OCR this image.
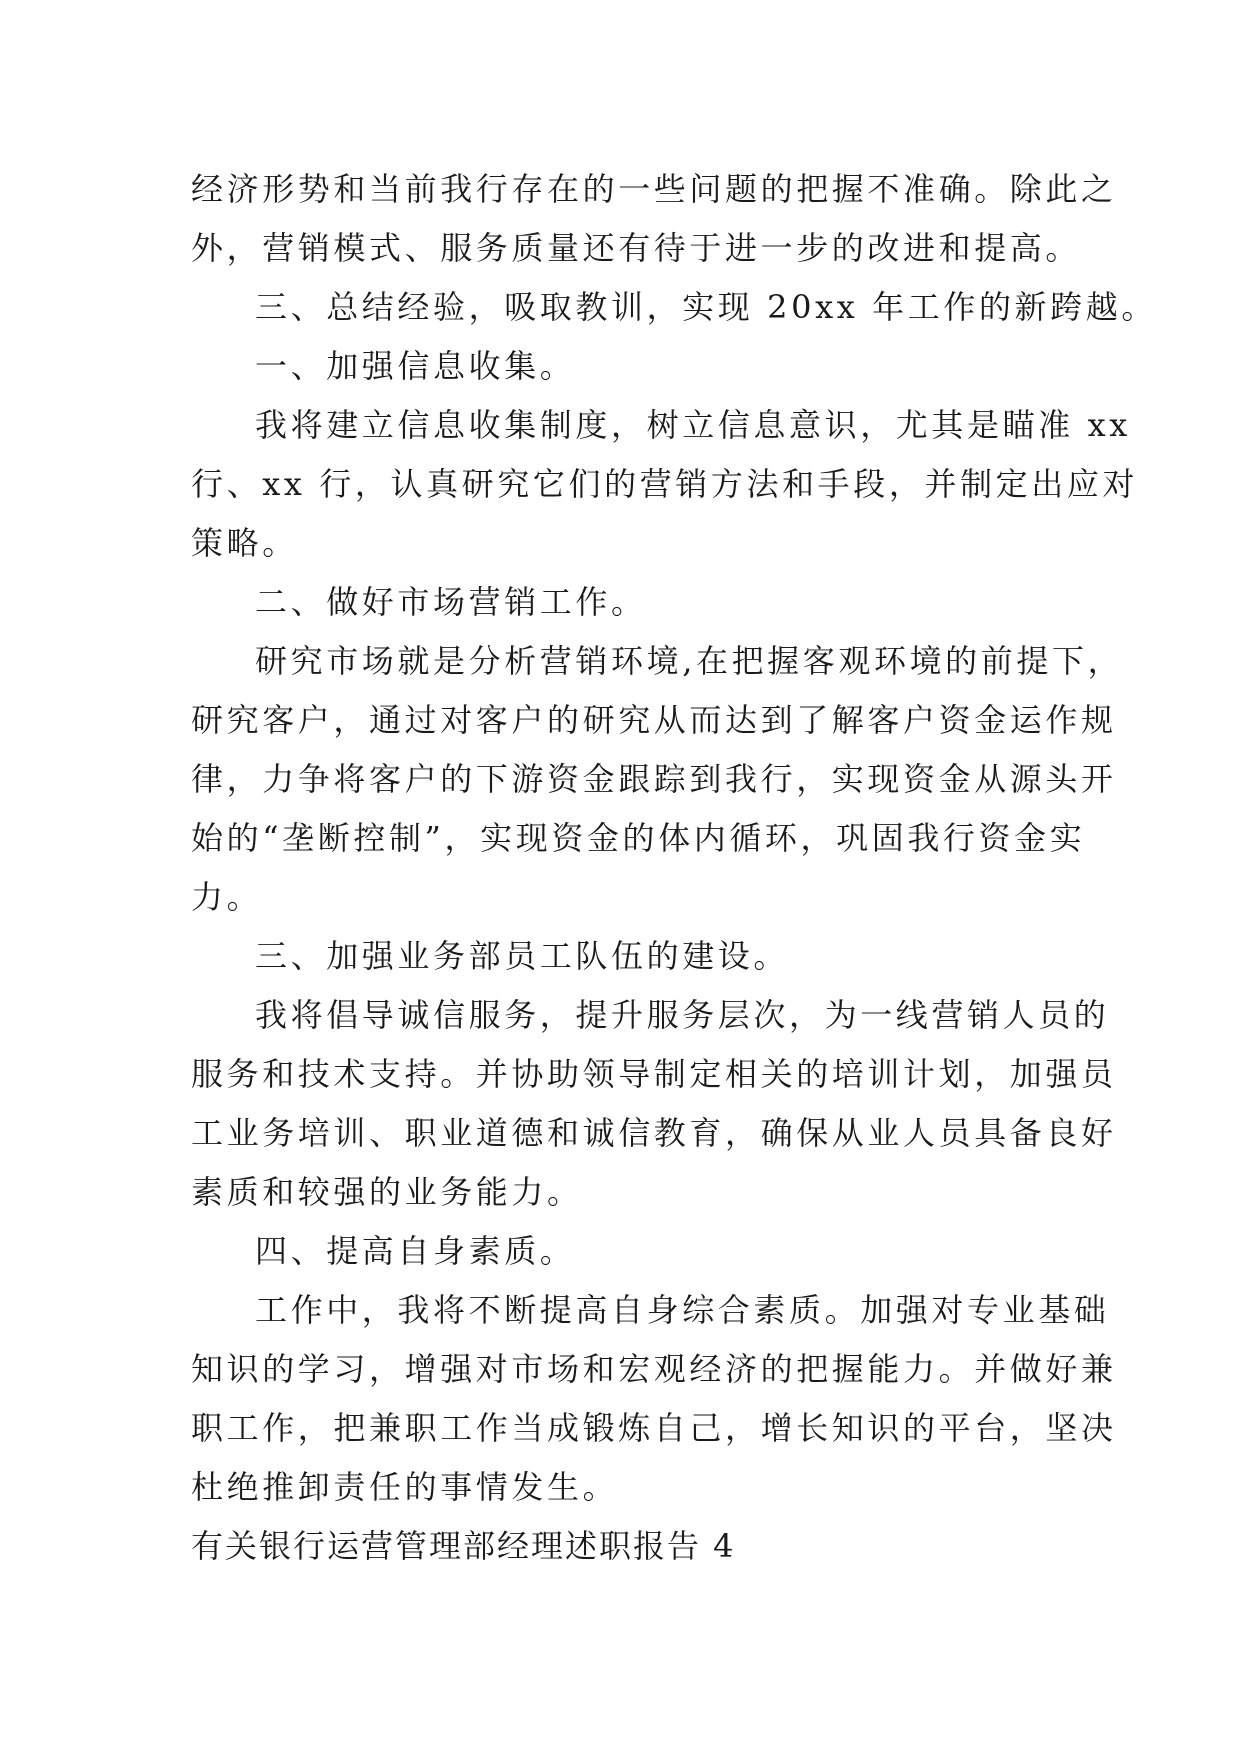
经济形势和当前我行存在的一些问题的把握不准确。除此之

外，营销模式、服务质量还有待于进一步的改进和提高。

三、总结经验，吸取教训，实现 20xx 年工作的新跨越。

一、加强信息收集。

我将建立信息收集制度，树立信息意识，尤其是瞄准 xx

行、xx 行，认真研究它们的营销方法和手段，并制定出应对

策略。

二、做好市场营销工作。

研究市场就是分析营销环境,在把握客观环境的前提下，

研究客户，通过对客户的研究从而达到了解客户资金运作规

律，力争将客户的下游资金跟踪到我行，实现资金从源头开

始的“垄断控制”，实现资金的体内循环，巩固我行资金实

力。

三、加强业务部员工队伍的建设。

我将倡导诚信服务，提升服务层次，为一线营销人员的

服务和技术支持。并协助领导制定相关的培训计划，加强员

工业务培训、职业道德和诚信教育，确保从业人员具备良好

素质和较强的业务能力。

四、提高自身素质。

工作中，我将不断提高自身综合素质。加强对专业基础

知识的学习，增强对市场和宏观经济的把握能力。并做好兼

职工作，把兼职工作当成锻炼自己，增长知识的平台，坚决

杜绝推卸责任的事情发生。

有关银行运营管理部经理述职报告 4
